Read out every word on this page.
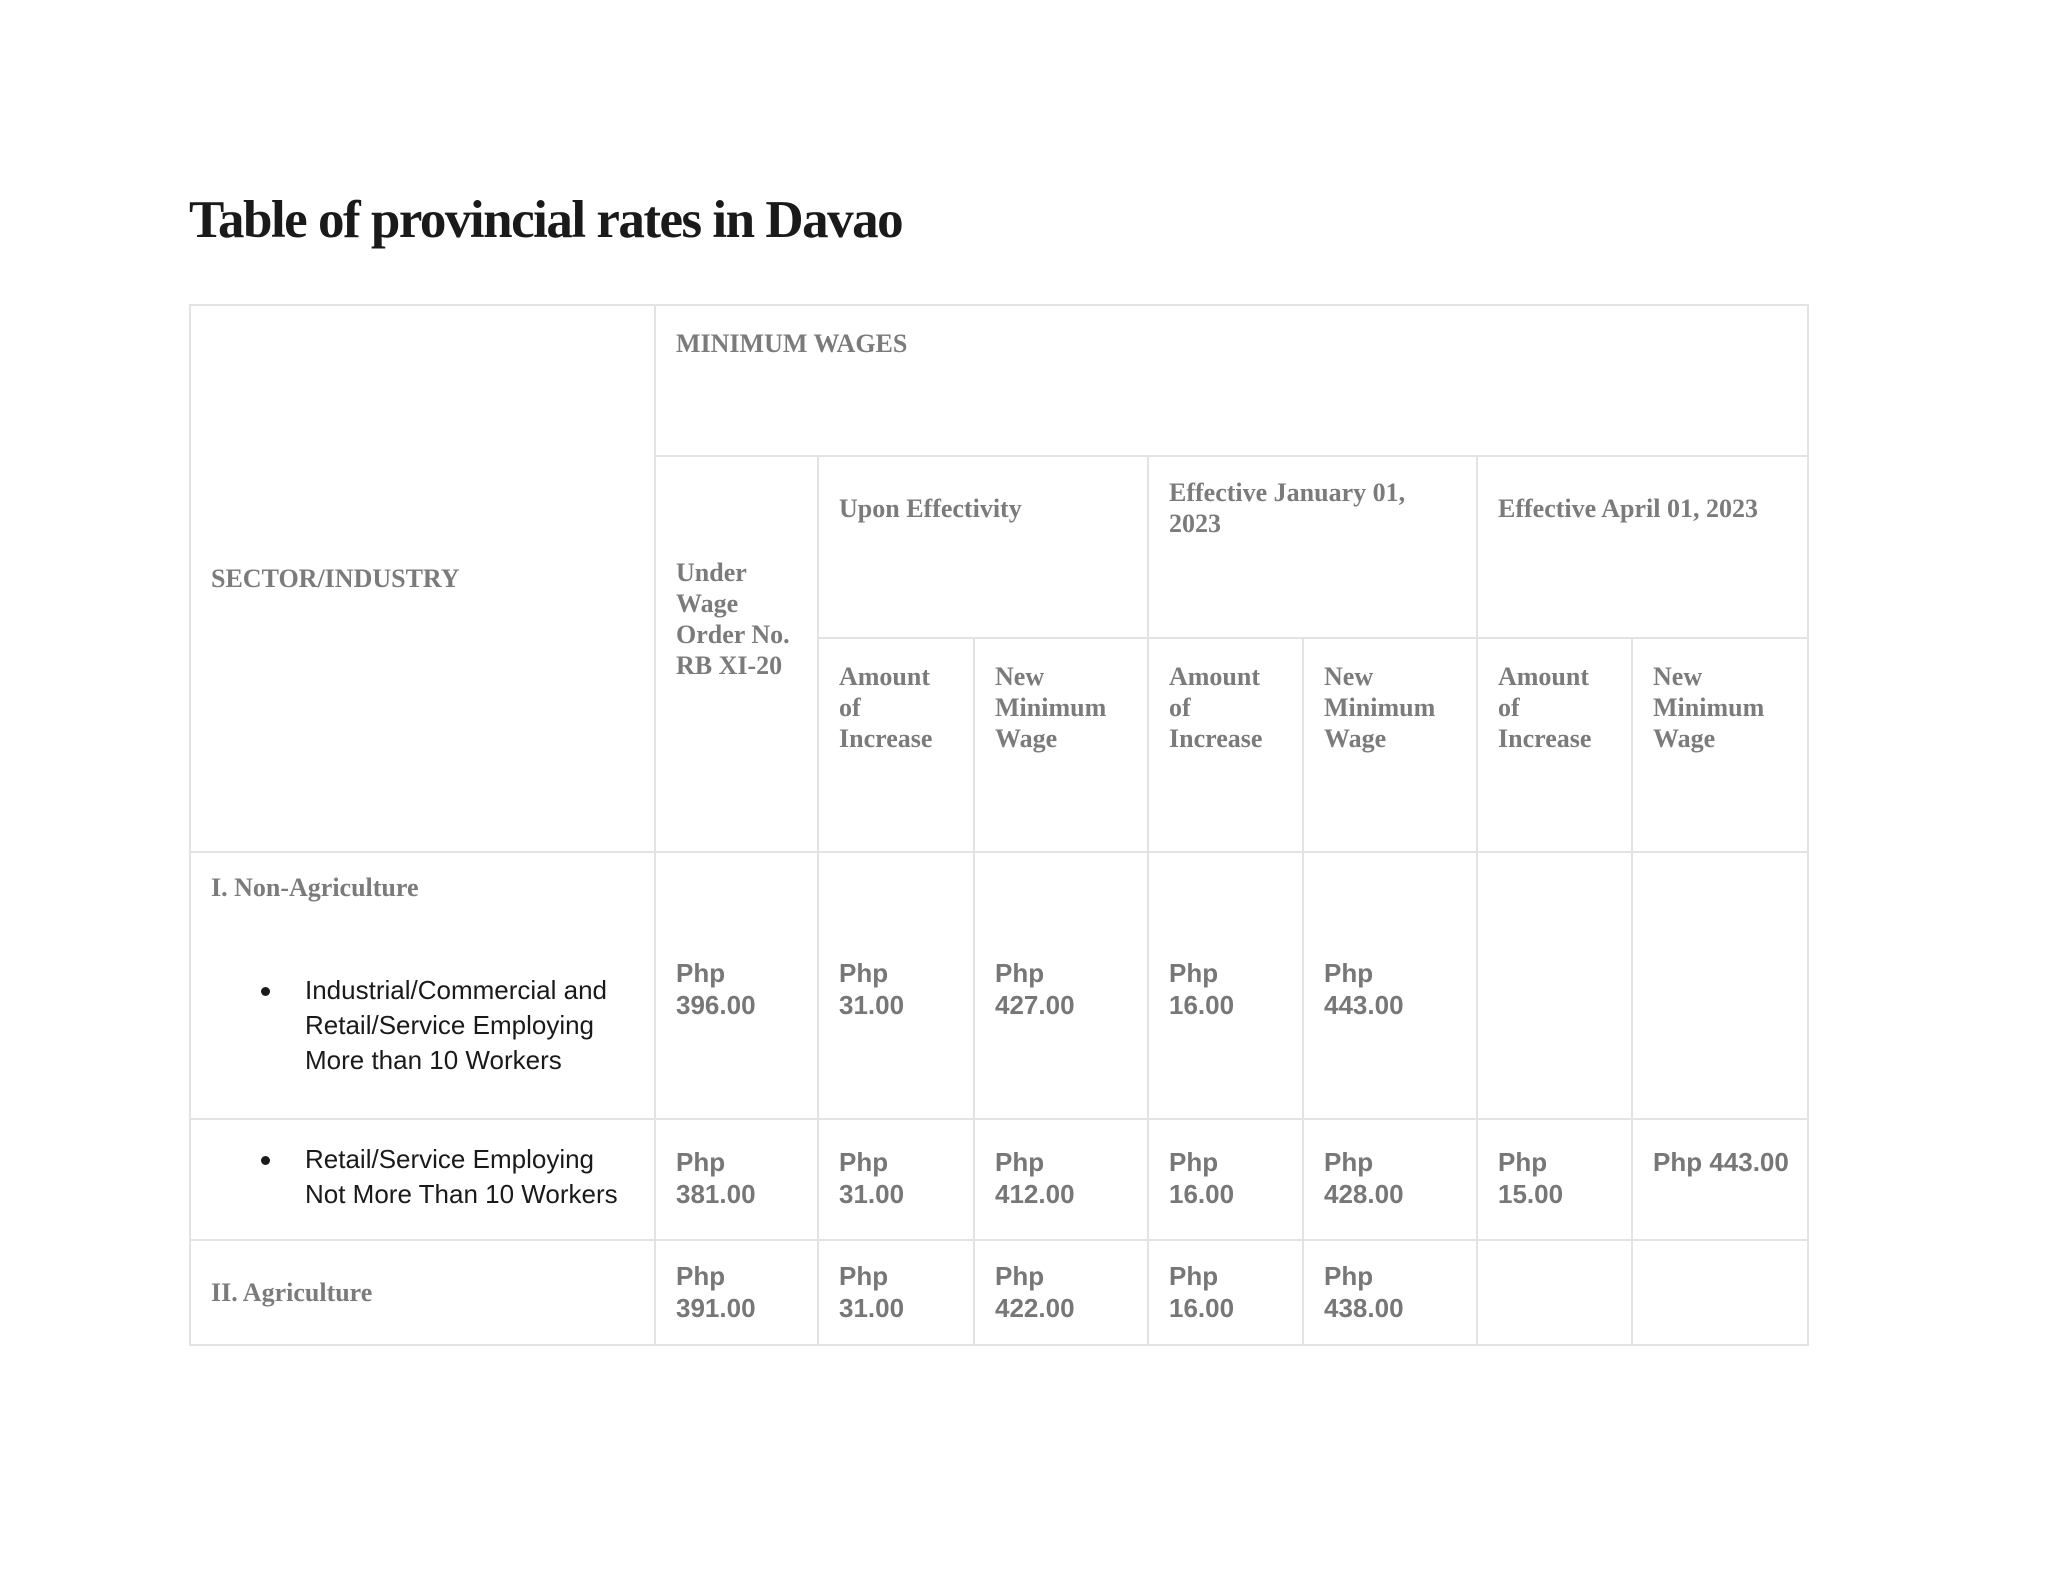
Table of provincial rates in Davao
SECTOR/INDUSTRY	MINIMUM WAGES						
	Under Wage Order No. RB XI-20	Upon Effectivity		Effective January 01, 2023		Effective April 01, 2023	
		Amount of Increase	New Minimum Wage	Amount of Increase	New Minimum Wage	Amount of Increase	New Minimum Wage

I. Non-Agriculture
Industrial/Commercial and Retail/Service Employing More than 10 Workers	Php 396.00	Php 31.00	Php 427.00	Php 16.00	Php 443.00		

Retail/Service Employing Not More Than 10 Workers	Php 381.00	Php 31.00	Php 412.00	Php 16.00	Php 428.00	Php 15.00	Php 443.00
II. Agriculture	Php 391.00	Php 31.00	Php 422.00	Php 16.00	Php 438.00		
